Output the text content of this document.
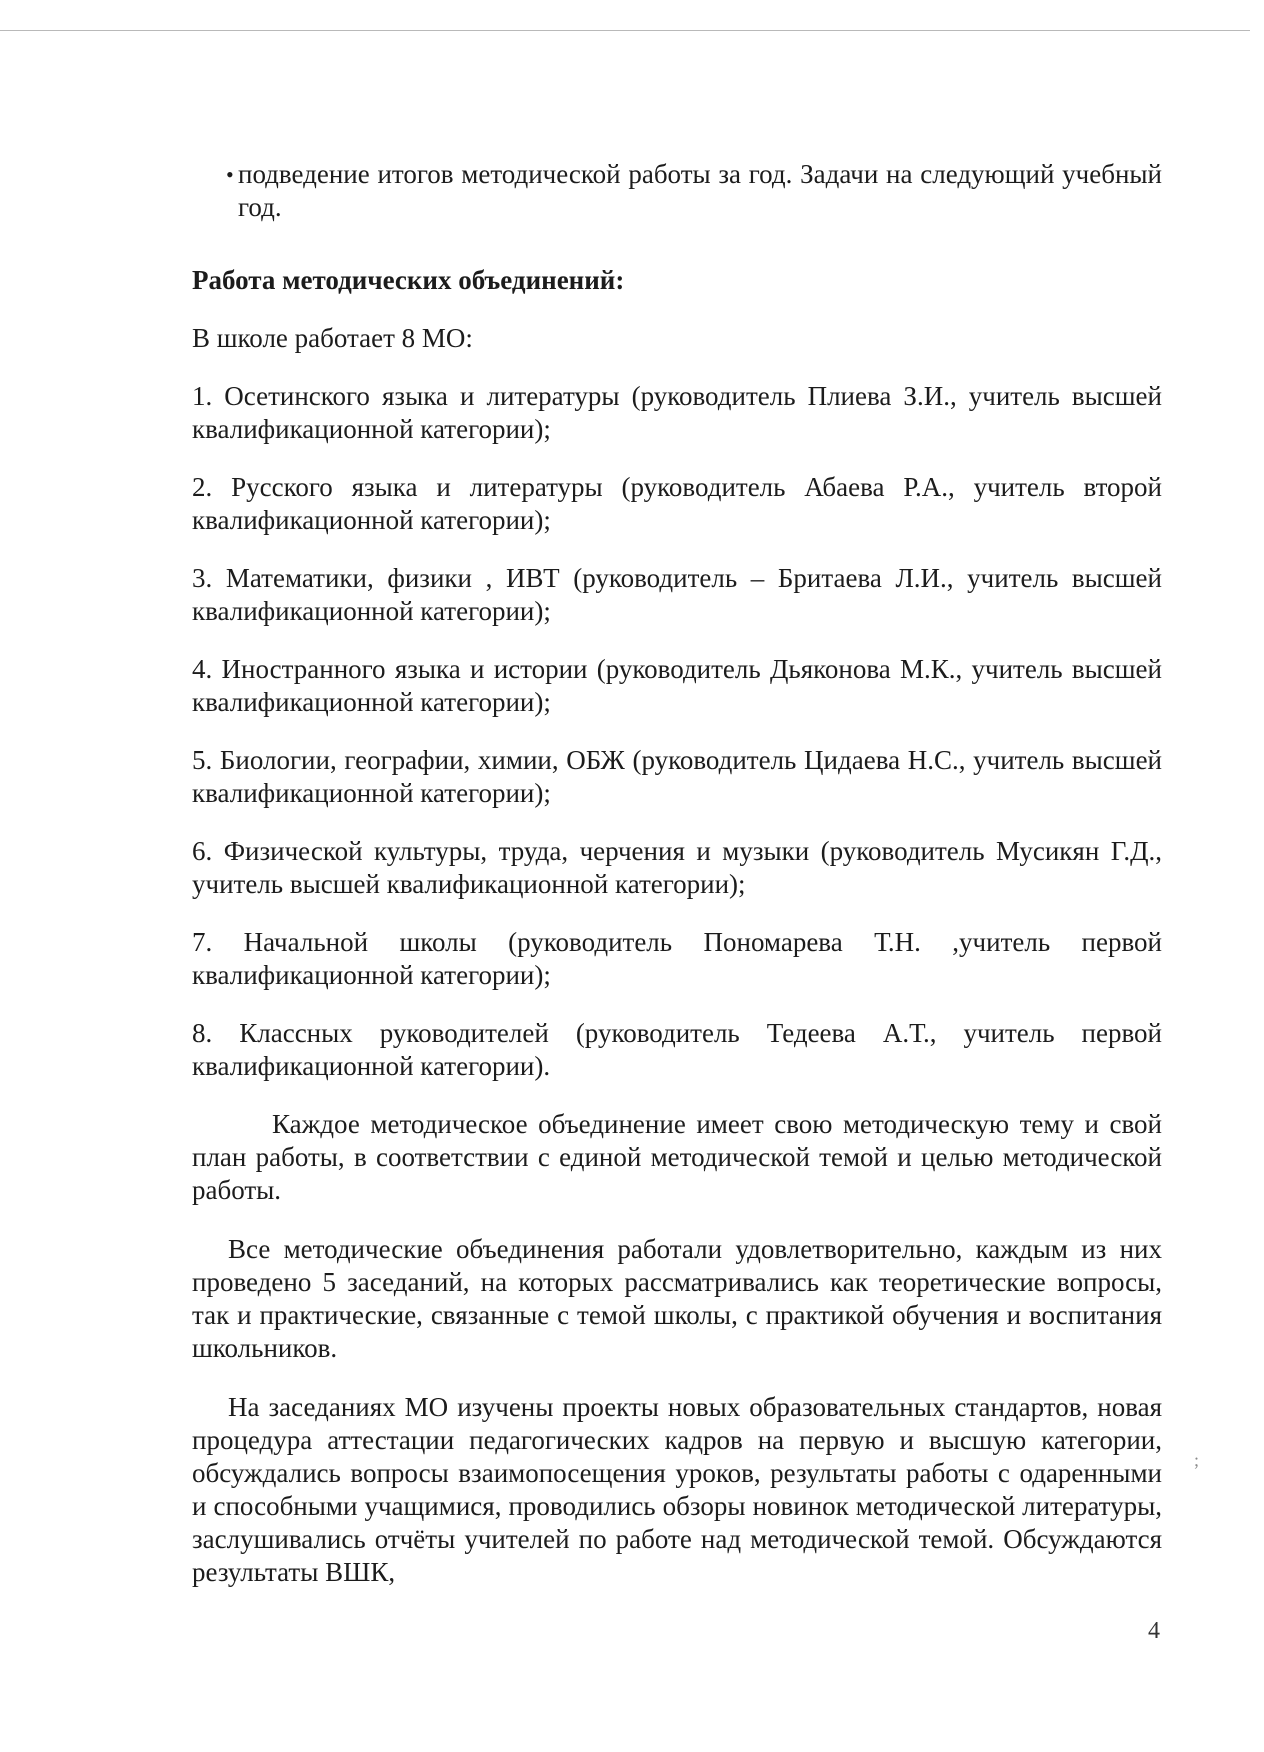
• подведение итогов методической работы за год. Задачи на следующий учебный год.

Работа методических объединений:

В школе работает 8 МО:

1. Осетинского языка и литературы (руководитель Плиева З.И., учитель высшей квалификационной категории);

2. Русского языка и литературы (руководитель Абаева Р.А., учитель второй квалификационной категории);

3. Математики, физики , ИВТ (руководитель – Бритаева Л.И., учитель высшей квалификационной категории);

4. Иностранного языка и истории (руководитель Дьяконова М.К., учитель высшей квалификационной категории);

5. Биологии, географии, химии, ОБЖ (руководитель Цидаева Н.С., учитель высшей квалификационной категории);

6. Физической культуры, труда, черчения и музыки (руководитель Мусикян Г.Д., учитель высшей квалификационной категории);

7. Начальной школы (руководитель Пономарева Т.Н. ,учитель первой квалификационной категории);

8. Классных руководителей (руководитель Тедеева А.Т., учитель первой квалификационной категории).

Каждое методическое объединение имеет свою методическую тему и свой план работы, в соответствии с единой методической темой и целью методической работы.

Все методические объединения работали удовлетворительно, каждым из них проведено 5 заседаний, на которых рассматривались как теоретические вопросы, так и практические, связанные с темой школы, с практикой обучения и воспитания школьников.

На заседаниях МО изучены проекты новых образовательных стандартов, новая процедура аттестации педагогических кадров на первую и высшую категории, обсуждались вопросы взаимопосещения уроков, результаты работы с одаренными и способными учащимися, проводились обзоры новинок методической литературы, заслушивались отчёты учителей по работе над методической темой. Обсуждаются результаты ВШК,

;
4
